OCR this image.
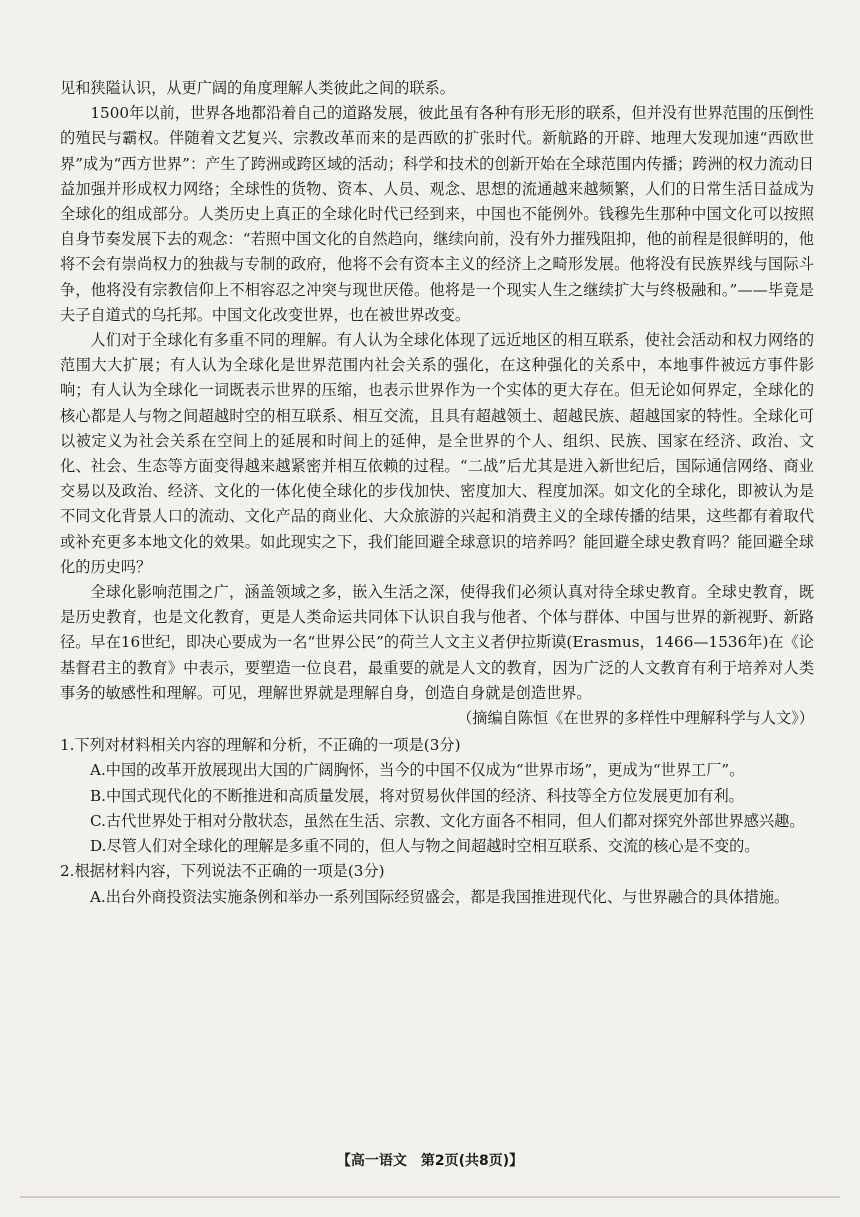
见和狭隘认识，从更广阔的角度理解人类彼此之间的联系。

1500年以前，世界各地都沿着自己的道路发展，彼此虽有各种有形无形的联系，但并没有世界范围的压倒性的殖民与霸权。伴随着文艺复兴、宗教改革而来的是西欧的扩张时代。新航路的开辟、地理大发现加速“西欧世界”成为“西方世界”：产生了跨洲或跨区域的活动；科学和技术的创新开始在全球范围内传播；跨洲的权力流动日益加强并形成权力网络；全球性的货物、资本、人员、观念、思想的流通越来越频繁，人们的日常生活日益成为全球化的组成部分。人类历史上真正的全球化时代已经到来，中国也不能例外。钱穆先生那种中国文化可以按照自身节奏发展下去的观念：“若照中国文化的自然趋向，继续向前，没有外力摧残阻抑，他的前程是很鲜明的，他将不会有崇尚权力的独裁与专制的政府，他将不会有资本主义的经济上之畸形发展。他将没有民族界线与国际斗争，他将没有宗教信仰上不相容忍之冲突与现世厌倦。他将是一个现实人生之继续扩大与终极融和。”——毕竟是夫子自道式的乌托邦。中国文化改变世界，也在被世界改变。

人们对于全球化有多重不同的理解。有人认为全球化体现了远近地区的相互联系，使社会活动和权力网络的范围大大扩展；有人认为全球化是世界范围内社会关系的强化，在这种强化的关系中，本地事件被远方事件影响；有人认为全球化一词既表示世界的压缩，也表示世界作为一个实体的更大存在。但无论如何界定，全球化的核心都是人与物之间超越时空的相互联系、相互交流，且具有超越领土、超越民族、超越国家的特性。全球化可以被定义为社会关系在空间上的延展和时间上的延伸，是全世界的个人、组织、民族、国家在经济、政治、文化、社会、生态等方面变得越来越紧密并相互依赖的过程。“二战”后尤其是进入新世纪后，国际通信网络、商业交易以及政治、经济、文化的一体化使全球化的步伐加快、密度加大、程度加深。如文化的全球化，即被认为是不同文化背景人口的流动、文化产品的商业化、大众旅游的兴起和消费主义的全球传播的结果，这些都有着取代或补充更多本地文化的效果。如此现实之下，我们能回避全球意识的培养吗？能回避全球史教育吗？能回避全球化的历史吗？

全球化影响范围之广，涵盖领域之多，嵌入生活之深，使得我们必须认真对待全球史教育。全球史教育，既是历史教育，也是文化教育，更是人类命运共同体下认识自我与他者、个体与群体、中国与世界的新视野、新路径。早在16世纪，即决心要成为一名“世界公民”的荷兰人文主义者伊拉斯谟(Erasmus，1466—1536年)在《论基督君主的教育》中表示，要塑造一位良君，最重要的就是人文的教育，因为广泛的人文教育有利于培养对人类事务的敏感性和理解。可见，理解世界就是理解自身，创造自身就是创造世界。

（摘编自陈恒《在世界的多样性中理解科学与人文》）

1.下列对材料相关内容的理解和分析，不正确的一项是(3分)

A.中国的改革开放展现出大国的广阔胸怀，当今的中国不仅成为“世界市场”，更成为“世界工厂”。

B.中国式现代化的不断推进和高质量发展，将对贸易伙伴国的经济、科技等全方位发展更加有利。

C.古代世界处于相对分散状态，虽然在生活、宗教、文化方面各不相同，但人们都对探究外部世界感兴趣。

D.尽管人们对全球化的理解是多重不同的，但人与物之间超越时空相互联系、交流的核心是不变的。

2.根据材料内容，下列说法不正确的一项是(3分)

A.出台外商投资法实施条例和举办一系列国际经贸盛会，都是我国推进现代化、与世界融合的具体措施。

【高一语文　第2页(共8页)】
